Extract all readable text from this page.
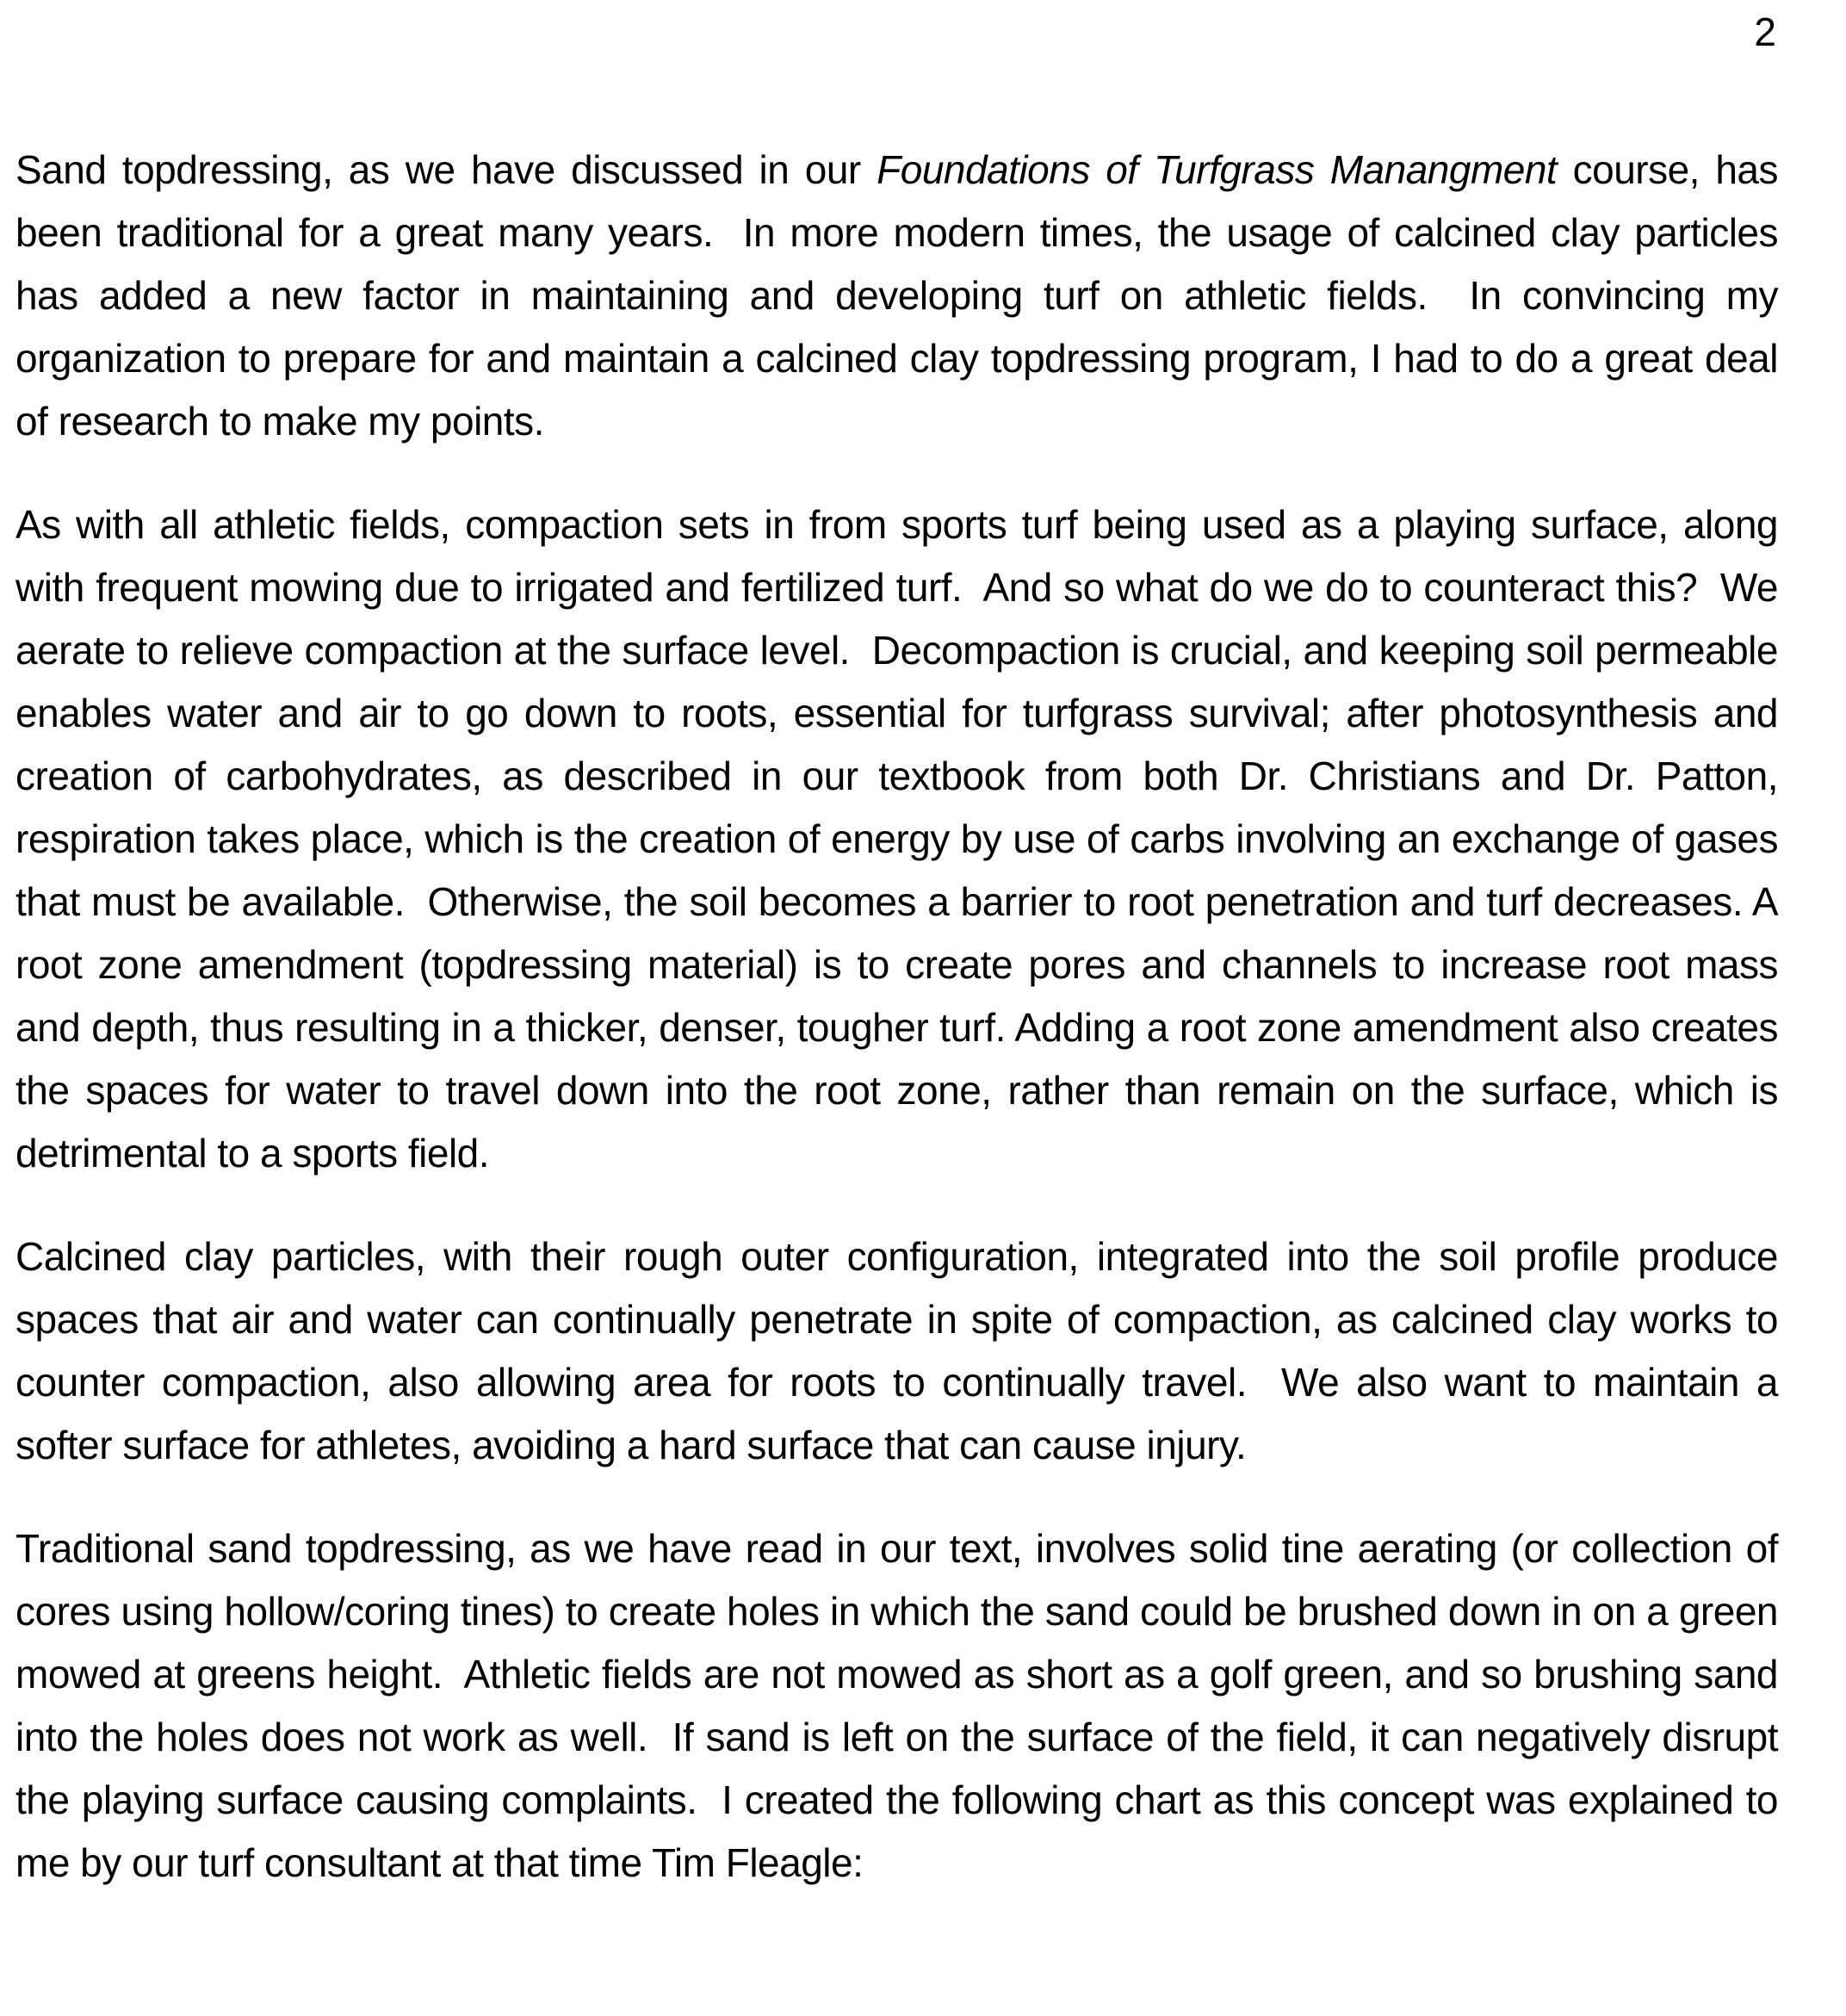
2

Sand topdressing, as we have discussed in our Foundations of Turfgrass Manangment course, has been traditional for a great many years.  In more modern times, the usage of calcined clay particles has added a new factor in maintaining and developing turf on athletic fields.  In convincing my organization to prepare for and maintain a calcined clay topdressing program, I had to do a great deal of research to make my points.

As with all athletic fields, compaction sets in from sports turf being used as a playing surface, along with frequent mowing due to irrigated and fertilized turf.  And so what do we do to counteract this?  We aerate to relieve compaction at the surface level.  Decompaction is crucial, and keeping soil permeable enables water and air to go down to roots, essential for turfgrass survival; after photosynthesis and creation of carbohydrates, as described in our textbook from both Dr. Christians and Dr. Patton, respiration takes place, which is the creation of energy by use of carbs involving an exchange of gases that must be available.  Otherwise, the soil becomes a barrier to root penetration and turf decreases. A root zone amendment (topdressing material) is to create pores and channels to increase root mass and depth, thus resulting in a thicker, denser, tougher turf. Adding a root zone amendment also creates the spaces for water to travel down into the root zone, rather than remain on the surface, which is detrimental to a sports field.

Calcined clay particles, with their rough outer configuration, integrated into the soil profile produce spaces that air and water can continually penetrate in spite of compaction, as calcined clay works to counter compaction, also allowing area for roots to continually travel.  We also want to maintain a softer surface for athletes, avoiding a hard surface that can cause injury.

Traditional sand topdressing, as we have read in our text, involves solid tine aerating (or collection of cores using hollow/coring tines) to create holes in which the sand could be brushed down in on a green mowed at greens height.  Athletic fields are not mowed as short as a golf green, and so brushing sand into the holes does not work as well.  If sand is left on the surface of the field, it can negatively disrupt the playing surface causing complaints.  I created the following chart as this concept was explained to me by our turf consultant at that time Tim Fleagle:
